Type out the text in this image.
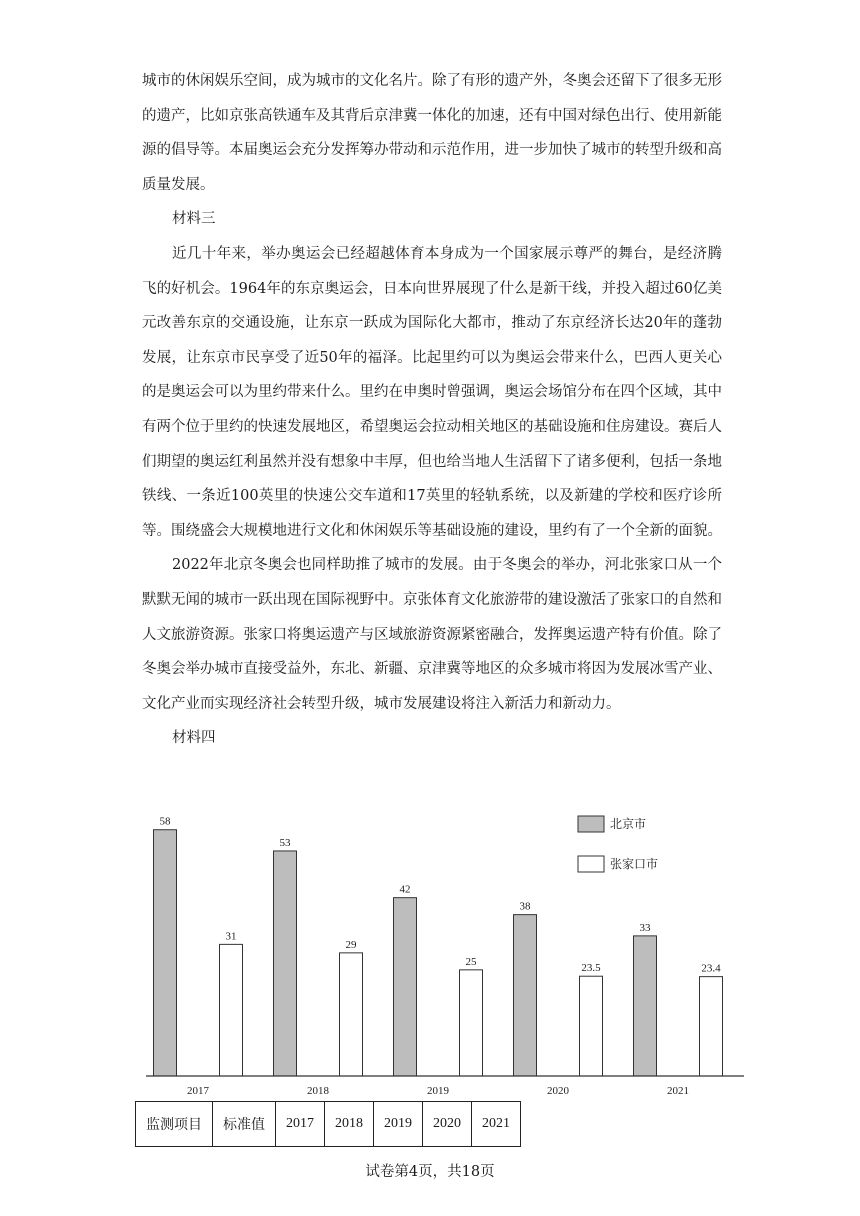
城市的休闲娱乐空间，成为城市的文化名片。除了有形的遗产外，冬奥会还留下了很多无形的遗产，比如京张高铁通车及其背后京津冀一体化的加速，还有中国对绿色出行、使用新能源的倡导等。本届奥运会充分发挥筹办带动和示范作用，进一步加快了城市的转型升级和高质量发展。

材料三

近几十年来，举办奥运会已经超越体育本身成为一个国家展示尊严的舞台，是经济腾飞的好机会。1964年的东京奥运会，日本向世界展现了什么是新干线，并投入超过60亿美元改善东京的交通设施，让东京一跃成为国际化大都市，推动了东京经济长达20年的蓬勃发展，让东京市民享受了近50年的福泽。比起里约可以为奥运会带来什么，巴西人更关心的是奥运会可以为里约带来什么。里约在申奥时曾强调，奥运会场馆分布在四个区域，其中有两个位于里约的快速发展地区，希望奥运会拉动相关地区的基础设施和住房建设。赛后人们期望的奥运红利虽然并没有想象中丰厚，但也给当地人生活留下了诸多便利，包括一条地铁线、一条近100英里的快速公交车道和17英里的轻轨系统，以及新建的学校和医疗诊所等。围绕盛会大规模地进行文化和休闲娱乐等基础设施的建设，里约有了一个全新的面貌。

2022年北京冬奥会也同样助推了城市的发展。由于冬奥会的举办，河北张家口从一个默默无闻的城市一跃出现在国际视野中。京张体育文化旅游带的建设激活了张家口的自然和人文旅游资源。张家口将奥运遗产与区域旅游资源紧密融合，发挥奥运遗产特有价值。除了冬奥会举办城市直接受益外，东北、新疆、京津冀等地区的众多城市将因为发展冰雪产业、文化产业而实现经济社会转型升级，城市发展建设将注入新活力和新动力。

材料四

58
31
2017
53
29
2018
42
25
2019
38
23.5
2020
33
23.4
2021
北京市
张家口市
监测项目	标准值	2017	2018	2019	2020	2021
试卷第4页，共18页
